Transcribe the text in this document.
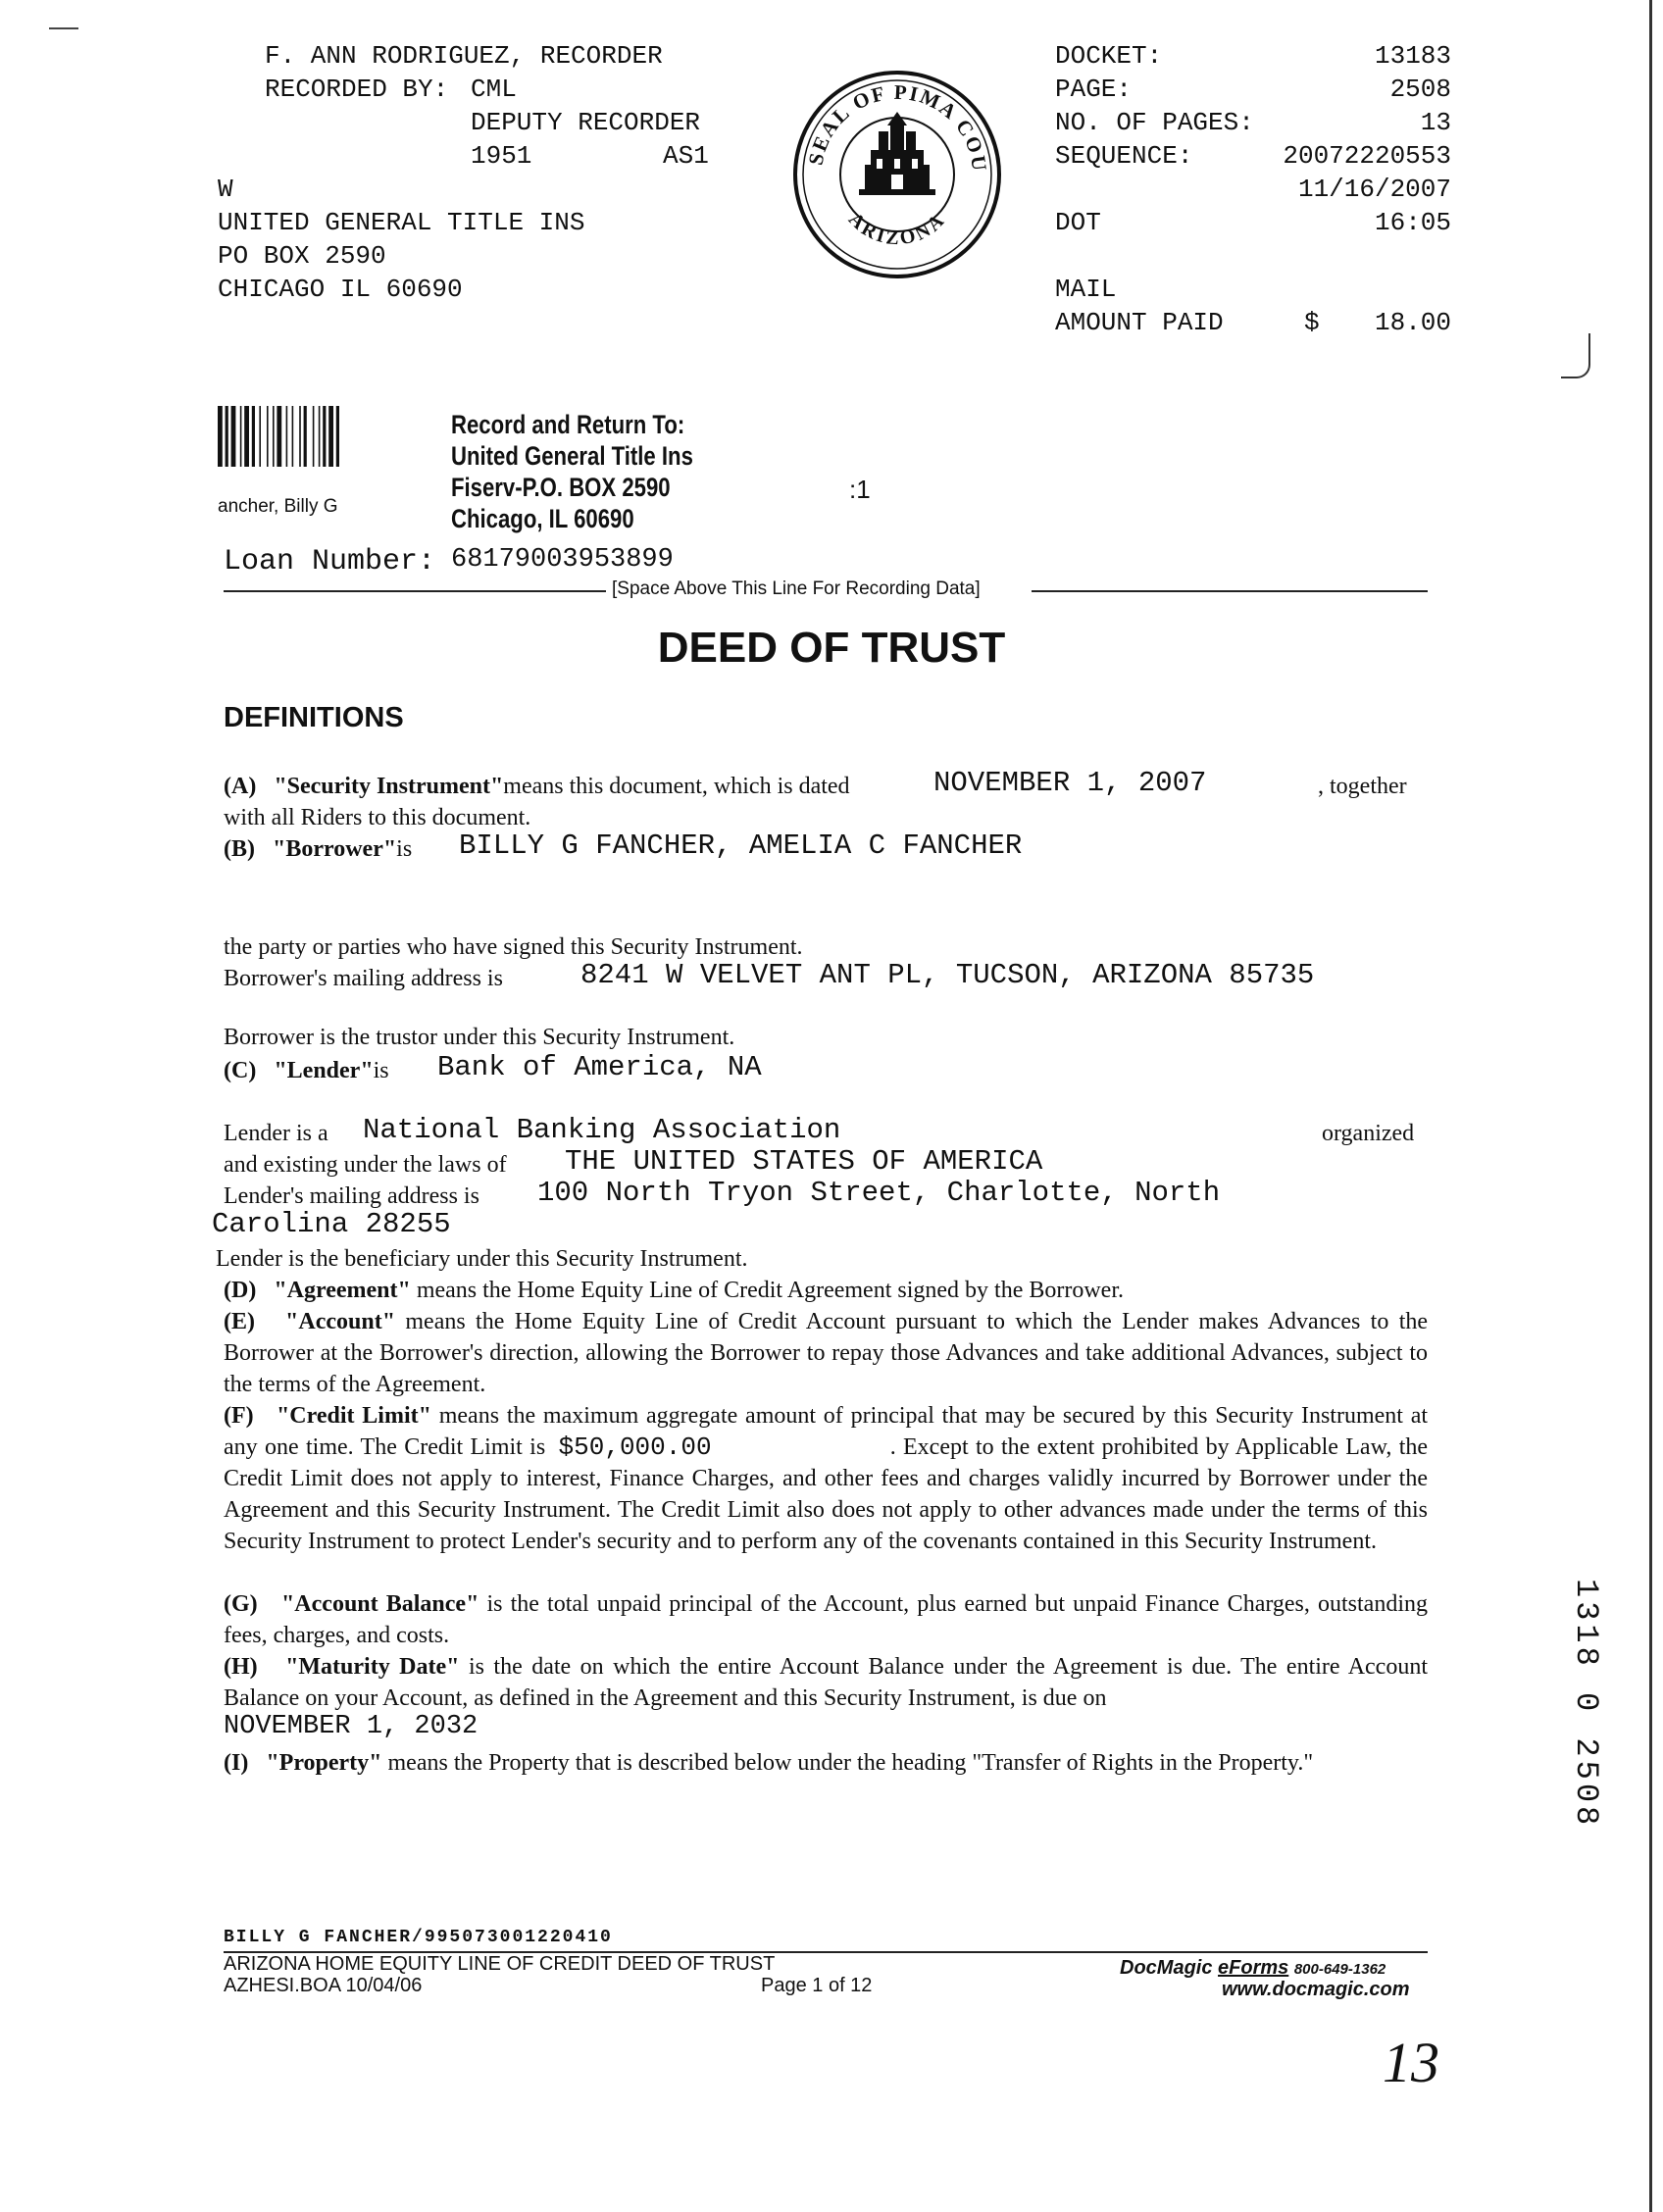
F. ANN RODRIGUEZ, RECORDER
RECORDED BY: CML
DEPUTY RECORDER
1951	AS1
W
UNITED GENERAL TITLE INS
PO BOX 2590
CHICAGO IL 60690
SEAL OF PIMA COU
ARIZONA
DOCKET:	13183
PAGE:	2508
NO. OF PAGES:	13
SEQUENCE:	20072220553
11/16/2007
DOT	16:05
MAIL
AMOUNT PAID	$	18.00
ancher, Billy G
Record and Return To:
United General Title Ins
Fiserv-P.O. BOX 2590
Chicago, IL 60690
:1
Loan Number: 68179003953899
[Space Above This Line For Recording Data]
DEED OF TRUST
DEFINITIONS
(A) "Security Instrument"means this document, which is dated	NOVEMBER 1, 2007	, together
with all Riders to this document.
(B) "Borrower"is BILLY G FANCHER, AMELIA C FANCHER
the party or parties who have signed this Security Instrument.
Borrower's mailing address is	8241 W VELVET ANT PL, TUCSON, ARIZONA 85735
Borrower is the trustor under this Security Instrument.
(C) "Lender"is Bank of America, NA
Lender is a National Banking Association	organized
and existing under the laws of THE UNITED STATES OF AMERICA
Lender's mailing address is 100 North Tryon Street, Charlotte, North
Carolina 28255
Lender is the beneficiary under this Security Instrument.
(D) "Agreement" means the Home Equity Line of Credit Agreement signed by the Borrower.
(E) "Account" means the Home Equity Line of Credit Account pursuant to which the Lender makes Advances to the Borrower at the Borrower's direction, allowing the Borrower to repay those Advances and take additional Advances, subject to the terms of the Agreement.
(F) "Credit Limit" means the maximum aggregate amount of principal that may be secured by this Security Instrument at any one time. The Credit Limit is $50,000.00	. Except to the extent prohibited by Applicable Law, the Credit Limit does not apply to interest, Finance Charges, and other fees and charges validly incurred by Borrower under the Agreement and this Security Instrument. The Credit Limit also does not apply to other advances made under the terms of this Security Instrument to protect Lender's security and to perform any of the covenants contained in this Security Instrument.
(G) "Account Balance" is the total unpaid principal of the Account, plus earned but unpaid Finance Charges, outstanding fees, charges, and costs.
(H) "Maturity Date" is the date on which the entire Account Balance under the Agreement is due. The entire Account Balance on your Account, as defined in the Agreement and this Security Instrument, is due on
NOVEMBER 1, 2032
(I) "Property" means the Property that is described below under the heading "Transfer of Rights in the Property."	1318 0 2508
BILLY G FANCHER/995073001220410
ARIZONA HOME EQUITY LINE OF CREDIT DEED OF TRUST
AZHESI.BOA 10/04/06	Page 1 of 12
DocMagic eForms 800-649-1362
www.docmagic.com
13
